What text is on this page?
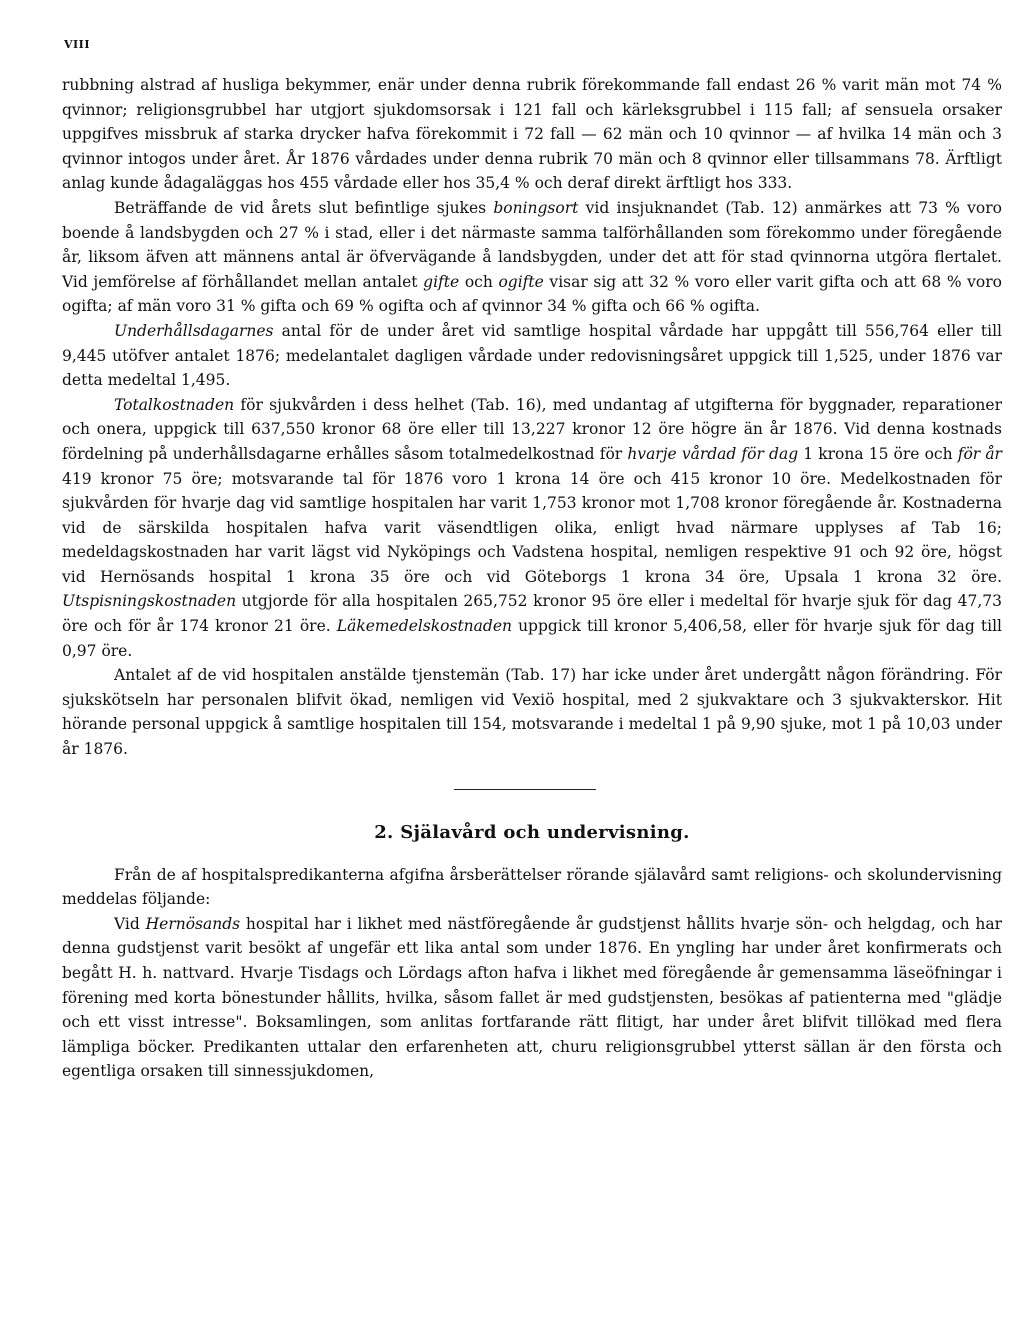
VIII

rubbning alstrad af husliga bekymmer, enär under denna rubrik förekommande fall endast 26 % varit män mot 74 % qvinnor; religionsgrubbel har utgjort sjukdomsorsak i 121 fall och kärleksgrubbel i 115 fall; af sensuela orsaker uppgifves missbruk af starka drycker hafva förekommit i 72 fall — 62 män och 10 qvinnor — af hvilka 14 män och 3 qvinnor intogos under året. År 1876 vårdades under denna rubrik 70 män och 8 qvinnor eller tillsammans 78. Ärftligt anlag kunde ådagaläggas hos 455 vårdade eller hos 35,4 % och deraf direkt ärftligt hos 333.

Beträffande de vid årets slut befintlige sjukes boningsort vid insjuknandet (Tab. 12) anmärkes att 73 % voro boende å landsbygden och 27 % i stad, eller i det närmaste samma talförhållanden som förekommo under föregående år, liksom äfven att männens antal är öfvervägande å landsbygden, under det att för stad qvinnorna utgöra flertalet. Vid jemförelse af förhållandet mellan antalet gifte och ogifte visar sig att 32 % voro eller varit gifta och att 68 % voro ogifta; af män voro 31 % gifta och 69 % ogifta och af qvinnor 34 % gifta och 66 % ogifta.

Underhållsdagarnes antal för de under året vid samtlige hospital vårdade har uppgått till 556,764 eller till 9,445 utöfver antalet 1876; medelantalet dagligen vårdade under redovisningsåret uppgick till 1,525, under 1876 var detta medeltal 1,495.

Totalkostnaden för sjukvården i dess helhet (Tab. 16), med undantag af utgifterna för byggnader, reparationer och onera, uppgick till 637,550 kronor 68 öre eller till 13,227 kronor 12 öre högre än år 1876. Vid denna kostnads fördelning på underhållsdagarne erhålles såsom totalmedelkostnad för hvarje vårdad för dag 1 krona 15 öre och för år 419 kronor 75 öre; motsvarande tal för 1876 voro 1 krona 14 öre och 415 kronor 10 öre. Medelkostnaden för sjukvården för hvarje dag vid samtlige hospitalen har varit 1,753 kronor mot 1,708 kronor föregående år. Kostnaderna vid de särskilda hospitalen hafva varit väsendtligen olika, enligt hvad närmare upplyses af Tab 16; medeldagskostnaden har varit lägst vid Nyköpings och Vadstena hospital, nemligen respektive 91 och 92 öre, högst vid Hernösands hospital 1 krona 35 öre och vid Göteborgs 1 krona 34 öre, Upsala 1 krona 32 öre. Utspisningskostnaden utgjorde för alla hospitalen 265,752 kronor 95 öre eller i medeltal för hvarje sjuk för dag 47,73 öre och för år 174 kronor 21 öre. Läkemedelskostnaden uppgick till kronor 5,406,58, eller för hvarje sjuk för dag till 0,97 öre.

Antalet af de vid hospitalen anstälde tjenstemän (Tab. 17) har icke under året undergått någon förändring. För sjukskötseln har personalen blifvit ökad, nemligen vid Vexiö hospital, med 2 sjukvaktare och 3 sjukvakterskor. Hit hörande personal uppgick å samtlige hospitalen till 154, motsvarande i medeltal 1 på 9,90 sjuke, mot 1 på 10,03 under år 1876.

2. Själavård och undervisning.

Från de af hospitalspredikanterna afgifna årsberättelser rörande själavård samt religions- och skolundervisning meddelas följande:

Vid Hernösands hospital har i likhet med nästföregående år gudstjenst hållits hvarje sön- och helgdag, och har denna gudstjenst varit besökt af ungefär ett lika antal som under 1876. En yngling har under året konfirmerats och begått H. h. nattvard. Hvarje Tisdags och Lördags afton hafva i likhet med föregående år gemensamma läseöfningar i förening med korta bönestunder hållits, hvilka, såsom fallet är med gudstjensten, besökas af patienterna med "glädje och ett visst intresse". Boksamlingen, som anlitas fortfarande rätt flitigt, har under året blifvit tillökad med flera lämpliga böcker. Predikanten uttalar den erfarenheten att, churu religionsgrubbel ytterst sällan är den första och egentliga orsaken till sinnessjukdomen,
